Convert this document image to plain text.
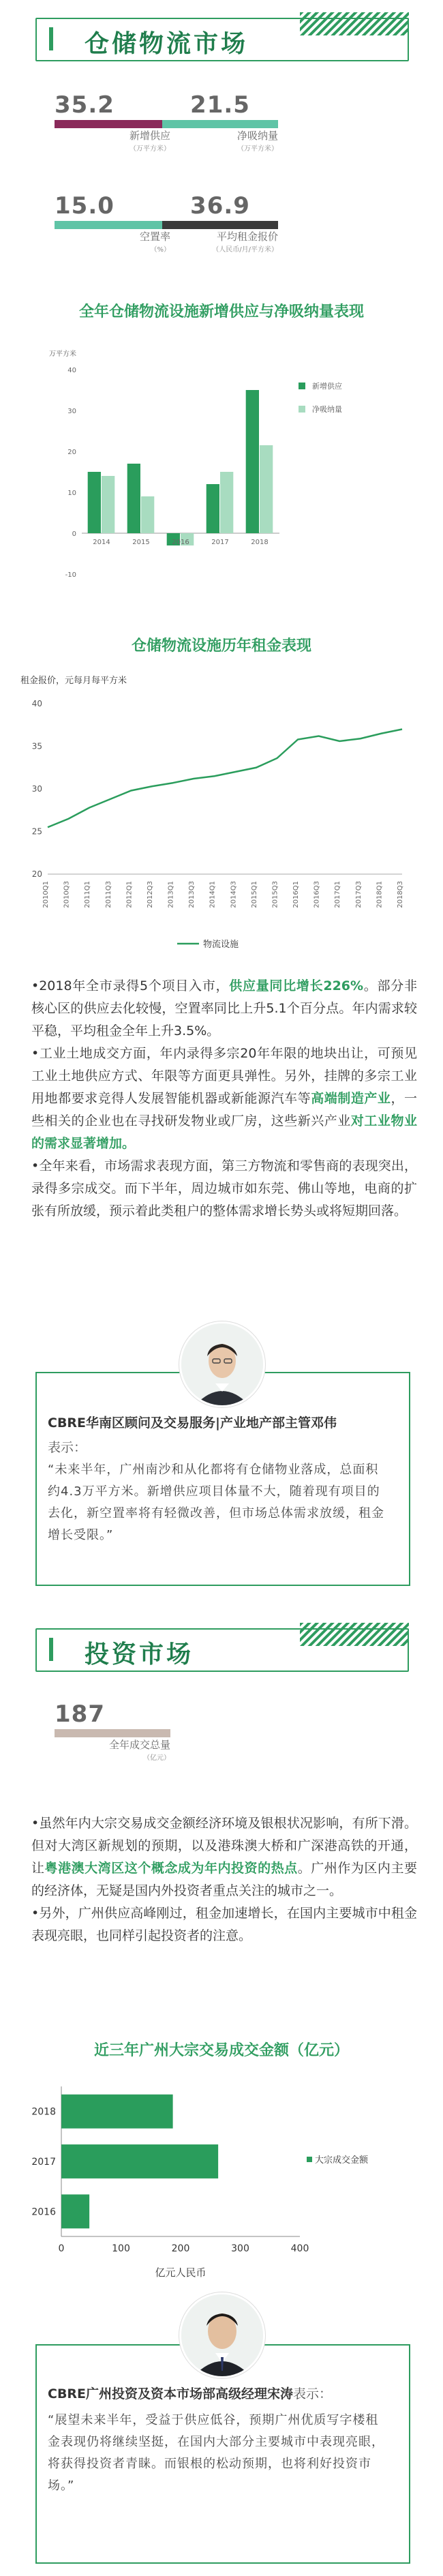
仓储物流市场
35.2
新增供应
（万平方米）
21.5
净吸纳量
（万平方米）
15.0
空置率
（%）
36.9
平均租金报价
（人民币/月/平方米）
全年仓储物流设施新增供应与净吸纳量表现
万平方米
-10
0
10
20
30
40
2014	2015	2016	2017	2018
新增供应
净吸纳量
仓储物流设施历年租金表现
租金报价，元每月每平方米
20
25
30
35
40
2010Q1 2010Q3 2011Q1 2011Q3 2012Q1 2012Q3 2013Q1 2013Q3 2014Q1 2014Q3 2015Q1 2015Q3 2016Q1 2016Q3 2017Q1 2017Q3 2018Q1 2018Q3
物流设施
•2018年全市录得5个项目入市，供应量同比增长226%。部分非核心区的供应去化较慢，空置率同比上升5.1个百分点。年内需求较平稳，平均租金全年上升3.5%。
•工业土地成交方面，年内录得多宗20年年限的地块出让，可预见工业土地供应方式、年限等方面更具弹性。另外，挂牌的多宗工业用地都要求竞得人发展智能机器或新能源汽车等高端制造产业，一些相关的企业也在寻找研发物业或厂房，这些新兴产业对工业物业的需求显著增加。
•全年来看，市场需求表现方面，第三方物流和零售商的表现突出，录得多宗成交。而下半年，周边城市如东莞、佛山等地，电商的扩张有所放缓，预示着此类租户的整体需求增长势头或将短期回落。
CBRE华南区顾问及交易服务|产业地产部主管邓伟
表示：
“未来半年，广州南沙和从化都将有仓储物业落成，总面积约4.3万平方米。新增供应项目体量不大，随着现有项目的去化，新空置率将有轻微改善，但市场总体需求放缓，租金增长受限。”
投资市场
187
全年成交总量
（亿元）
•虽然年内大宗交易成交金额经济环境及银根状况影响，有所下滑。但对大湾区新规划的预期，以及港珠澳大桥和广深港高铁的开通，让粤港澳大湾区这个概念成为年内投资的热点。广州作为区内主要的经济体，无疑是国内外投资者重点关注的城市之一。
•另外，广州供应高峰刚过，租金加速增长，在国内主要城市中租金表现亮眼，也同样引起投资者的注意。
近三年广州大宗交易成交金额（亿元）
2018
2017
2016
0	100	200	300	400
亿元人民币
大宗成交金额
CBRE广州投资及资本市场部高级经理宋涛表示：
“展望未来半年，受益于供应低谷，预期广州优质写字楼租金表现仍将继续坚挺，在国内大部分主要城市中表现亮眼，将获得投资者青睐。而银根的松动预期，也将利好投资市场。”
